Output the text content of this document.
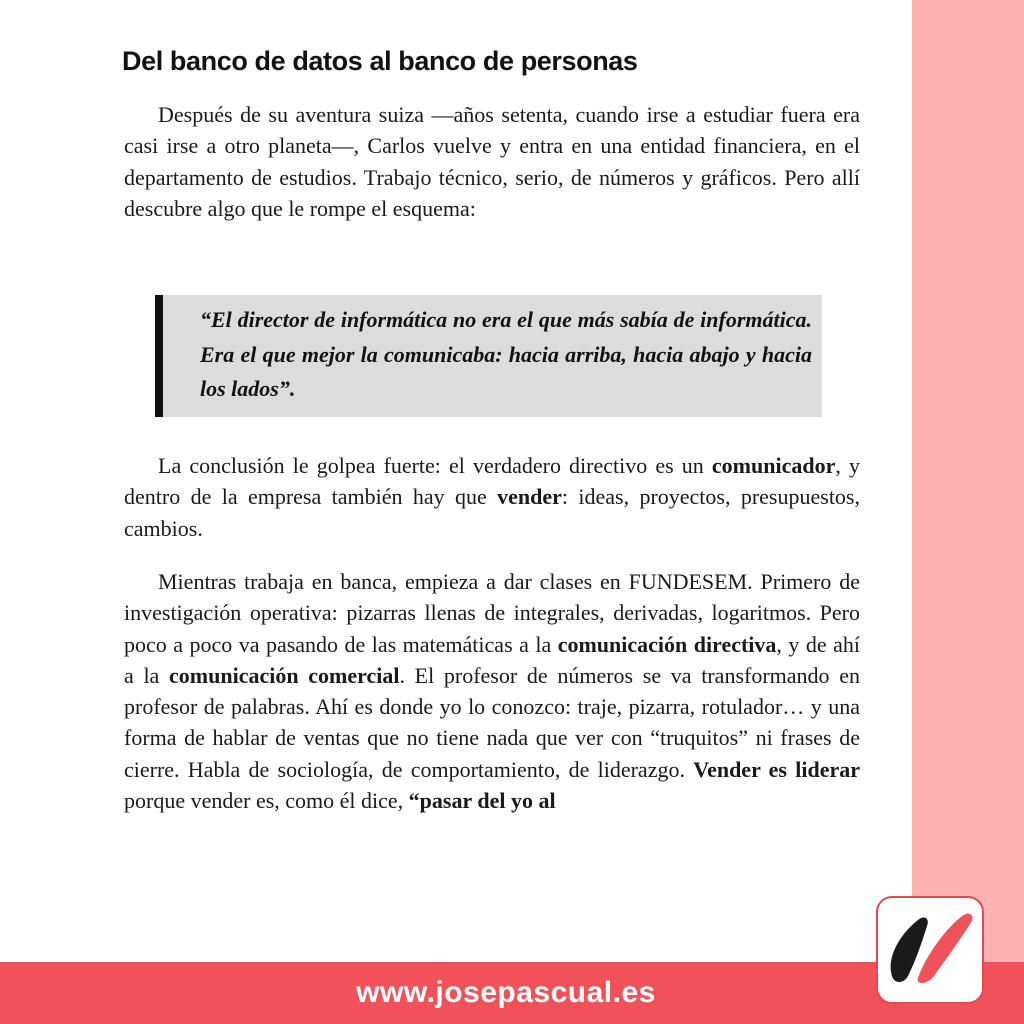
Del banco de datos al banco de personas

Después de su aventura suiza —años setenta, cuando irse a estudiar fuera era casi irse a otro planeta—, Carlos vuelve y entra en una entidad financiera, en el departamento de estudios. Trabajo técnico, serio, de números y gráficos. Pero allí descubre algo que le rompe el esquema:

“El director de informática no era el que más sabía de informática. Era el que mejor la comunicaba: hacia arriba, hacia abajo y hacia los lados”.

La conclusión le golpea fuerte: el verdadero directivo es un comunicador, y dentro de la empresa también hay que vender: ideas, proyectos, presupuestos, cambios.

Mientras trabaja en banca, empieza a dar clases en FUNDESEM. Primero de investigación operativa: pizarras llenas de integrales, derivadas, logaritmos. Pero poco a poco va pasando de las matemáticas a la comunicación directiva, y de ahí a la comunicación comercial. El profesor de números se va transformando en profesor de palabras. Ahí es donde yo lo conozco: traje, pizarra, rotulador… y una forma de hablar de ventas que no tiene nada que ver con “truquitos” ni frases de cierre. Habla de sociología, de comportamiento, de liderazgo. Vender es liderar porque vender es, como él dice, “pasar del yo al

www.josepascual.es
